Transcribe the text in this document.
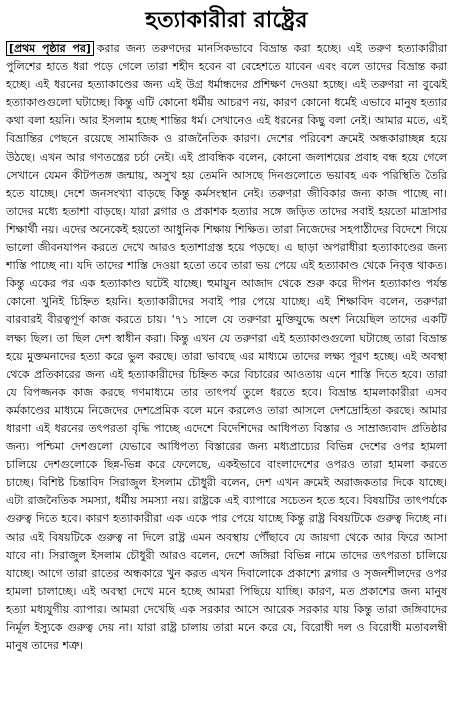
হত্যাকারীরা রাষ্ট্রের
[প্রথম পৃষ্ঠার পর] করার জন্য তরুণদের মানসিকভাবে বিভ্রান্ত করা হচ্ছে। এই তরুণ হত্যাকারীরা পুলিশের হাতে ধরা পড়ে গেলে তারা শহীদ হবেন বা বেহেশতে যাবেন এবং বলে তাদের বিভ্রান্ত করা হচ্ছে। এই ধরনের হত্যাকাণ্ডের জন্য এই উগ্র ধর্মান্ধদের প্রশিক্ষণ দেওয়া হচ্ছে। এই তরুণরা না বুঝেই হত্যাকাণ্ডগুলো ঘটাচ্ছে। কিন্তু এটি কোনো ধর্মীয় আচরণ নয়, কারণ কোনো ধর্মেই এভাবে মানুষ হত্যার কথা বলা হয়নি। আর ইসলাম হচ্ছে শান্তির ধর্ম। সেখানেও এই ধরনের কিছু বলা নেই। আমার মতে, এই বিভ্রান্তির পেছনে রয়েছে সামাজিক ও রাজনৈতিক কারণ। দেশের পরিবেশ ক্রমেই অন্ধকারাচ্ছন্ন হয়ে উঠছে। এখন আর গণতন্ত্রের চর্চা নেই। এই প্রাবন্ধিক বলেন, কোনো জলাশয়ের প্রবাহ বন্ধ হয়ে গেলে সেখানে যেমন কীটপতঙ্গ জন্মায়, অসুখ হয় তেমনি আসছে দিনগুলোতে ভয়াবহ এক পরিস্থিতি তৈরি হতে যাচ্ছে। দেশে জনসংখ্যা বাড়ছে কিন্তু কর্মসংস্থান নেই। তরুণরা জীবিকার জন্য কাজ পাচ্ছে না। তাদের মধ্যে হতাশা বাড়ছে। যারা ব্লগার ও প্রকাশক হত্যার সঙ্গে জড়িত তাদের সবাই হয়তো মাদ্রাসার শিক্ষার্থী নয়। এদের অনেকেই হয়তো আধুনিক শিক্ষায় শিক্ষিত। তারা নিজেদের সহপাঠীদের বিদেশে গিয়ে ভালো জীবনযাপন করতে দেখে আরও হতাশাগ্রস্ত হয়ে পড়ছে। এ ছাড়া অপরাধীরা হত্যাকাণ্ডের জন্য শাস্তি পাচ্ছে না। যদি তাদের শাস্তি দেওয়া হতো তবে তারা ভয় পেয়ে এই হত্যাকাণ্ড থেকে নিবৃত্ত থাকত। কিন্তু একের পর এক হত্যাকাণ্ড ঘটেই যাচ্ছে। হুমায়ুন আজাদ থেকে শুরু করে দীপন হত্যাকাণ্ড পর্যন্ত কোনো খুনিই চিহ্নিত হয়নি। হত্যাকারীদের সবাই পার পেয়ে যাচ্ছে। এই শিক্ষাবিদ বলেন, তরুণরা বারবারই বীরত্বপূর্ণ কাজ করতে চায়। '৭১ সালে যে তরুণরা মুক্তিযুদ্ধে অংশ নিয়েছিল তাদের একটি লক্ষ্য ছিল। তা ছিল দেশ স্বাধীন করা। কিন্তু এখন যে তরুণরা এই হত্যাকাণ্ডগুলো ঘটাচ্ছে তারা বিভ্রান্ত হয়ে মুক্তমনাদের হত্যা করে ভুল করছে। তারা ভাবছে এর মাধ্যমে তাদের লক্ষ্য পূরণ হচ্ছে। এই অবস্থা থেকে প্রতিকারের জন্য এই হত্যাকারীদের চিহ্নিত করে বিচারের আওতায় এনে শাস্তি দিতে হবে। তারা যে বিপজ্জনক কাজ করছে গণমাধ্যমে তার তাৎপর্য তুলে ধরতে হবে। বিভ্রান্ত হামলাকারীরা এসব কর্মকাণ্ডের মাধ্যমে নিজেদের দেশপ্রেমিক বলে মনে করলেও তারা আসলে দেশদ্রোহিতা করছে। আমার ধারণা এই ধরনের তৎপরতা বৃদ্ধি পাচ্ছে এদেশে বিদেশিদের আধিপত্য বিস্তার ও সাম্রাজ্যবাদ প্রতিষ্ঠার জন্য। পশ্চিমা দেশগুলো যেভাবে আধিপত্য বিস্তারের জন্য মধ্যপ্রাচ্যের বিভিন্ন দেশের ওপর হামলা চালিয়ে দেশগুলোকে ছিন্ন-ভিন্ন করে ফেলেছে, একইভাবে বাংলাদেশের ওপরও তারা হামলা করতে চাচ্ছে। বিশিষ্ট চিন্তাবিদ সিরাজুল ইসলাম চৌধুরী বলেন, দেশ এখন ক্রমেই অরাজকতার দিকে যাচ্ছে। এটা রাজনৈতিক সমস্যা, ধর্মীয় সমস্যা নয়। রাষ্ট্রকে এই ব্যাপারে সচেতন হতে হবে। বিষয়টির তাৎপর্যকে গুরুত্ব দিতে হবে। কারণ হত্যাকারীরা এক একে পার পেয়ে যাচ্ছে কিন্তু রাষ্ট্র বিষয়টিকে গুরুত্ব দিচ্ছে না। আর এই বিষয়টিকে গুরুত্ব না দিলে রাষ্ট্র এমন অবস্থায় পৌঁছাবে যে জায়গা থেকে আর ফিরে আসা যাবে না। সিরাজুল ইসলাম চৌধুরী আরও বলেন, দেশে জঙ্গিরা বিভিন্ন নামে তাদের তৎপরতা চালিয়ে যাচ্ছে। আগে তারা রাতের অন্ধকারে খুন করত এখন দিবালোকে প্রকাশ্যে ব্লগার ও সৃজনশীলদের ওপর হামলা চালাচ্ছে। এই অবস্থা দেখে মনে হচ্ছে আমরা পিছিয়ে যাচ্ছি। কারণ, মত প্রকাশের জন্য মানুষ হত্যা মধ্যযুগীয় ব্যাপার। আমরা দেখেছি এক সরকার আসে আরেক সরকার যায় কিন্তু তারা জঙ্গিবাদের নির্মূল ইস্যুকে গুরুত্ব দেয় না। যারা রাষ্ট্র চালায় তারা মনে করে যে, বিরোধী দল ও বিরোধী মতাবলম্বী মানুষ তাদের শত্রু।
